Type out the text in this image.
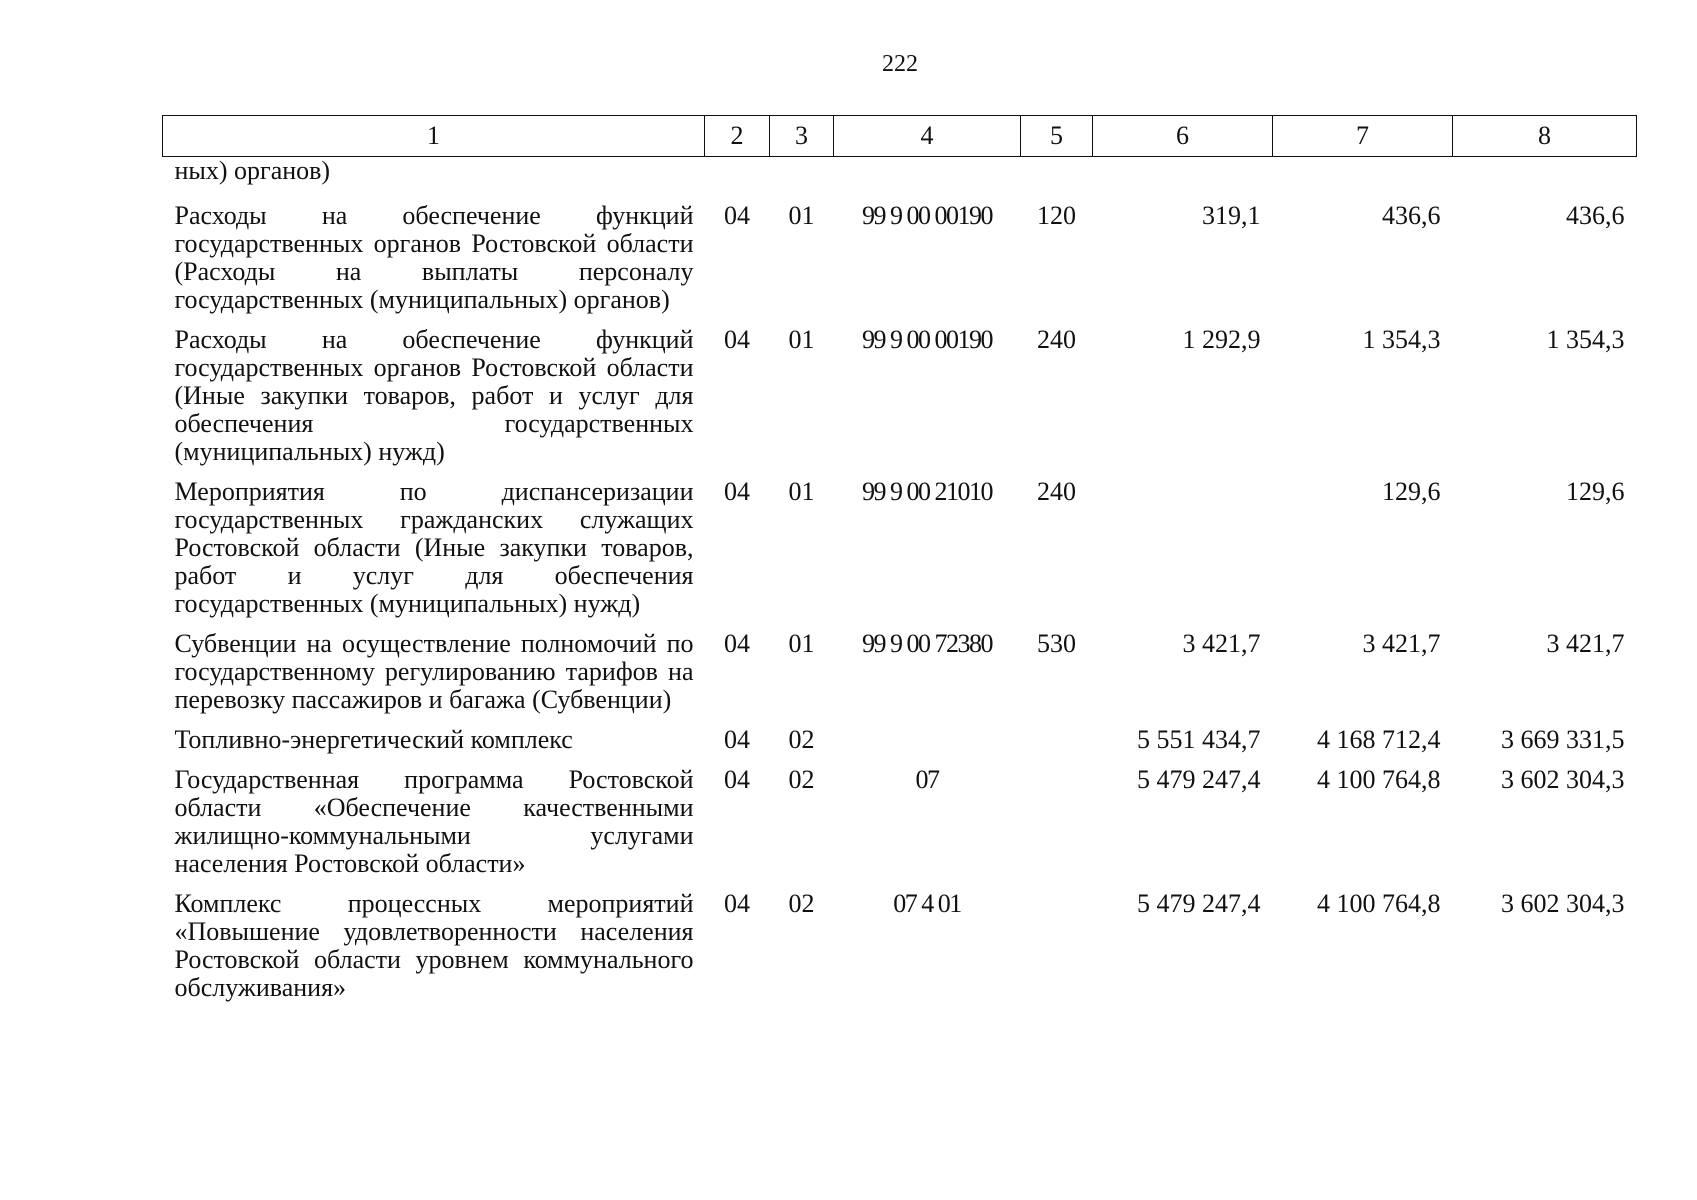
222
1	2	3	4	5	6	7	8
ных) органов)							
Расходы на обеспечение функций государственных органов Ростовской области (Расходы на выплаты персоналу государственных (муниципальных) органов)	04	01	99 9 00 00190	120	319,1	436,6	436,6
Расходы на обеспечение функций государственных органов Ростовской области (Иные закупки товаров, работ и услуг для обеспечения государственных (муниципальных) нужд)	04	01	99 9 00 00190	240	1 292,9	1 354,3	1 354,3
Мероприятия по диспансеризации государственных гражданских служащих Ростовской области (Иные закупки товаров, работ и услуг для обеспечения государственных (муниципальных) нужд)	04	01	99 9 00 21010	240		129,6	129,6
Субвенции на осуществление полномочий по государственному регулированию тарифов на перевозку пассажиров и багажа (Субвенции)	04	01	99 9 00 72380	530	3 421,7	3 421,7	3 421,7
Топливно-энергетический комплекс	04	02			5 551 434,7	4 168 712,4	3 669 331,5
Государственная программа Ростовской области «Обеспечение качественными жилищно-коммунальными услугами населения Ростовской области»	04	02	07		5 479 247,4	4 100 764,8	3 602 304,3
Комплекс процессных мероприятий «Повышение удовлетворенности населения Ростовской области уровнем коммунального обслуживания»	04	02	07 4 01		5 479 247,4	4 100 764,8	3 602 304,3
